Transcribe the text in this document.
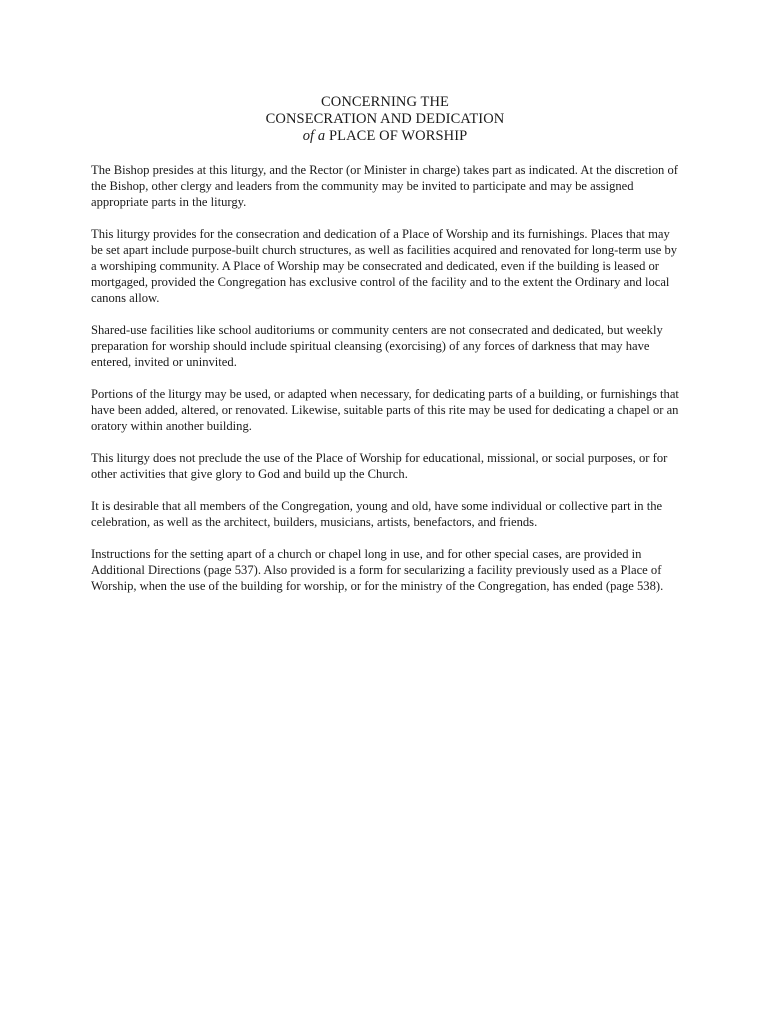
CONCERNING THE
CONSECRATION AND DEDICATION
of a PLACE OF WORSHIP

The Bishop presides at this liturgy, and the Rector (or Minister in charge) takes part as indicated. At the discretion of the Bishop, other clergy and leaders from the community may be invited to participate and may be assigned appropriate parts in the liturgy.

This liturgy provides for the consecration and dedication of a Place of Worship and its furnishings. Places that may be set apart include purpose-built church structures, as well as facilities acquired and renovated for long-term use by a worshiping community. A Place of Worship may be consecrated and dedicated, even if the building is leased or mortgaged, provided the Congregation has exclusive control of the facility and to the extent the Ordinary and local canons allow.

Shared-use facilities like school auditoriums or community centers are not consecrated and dedicated, but weekly preparation for worship should include spiritual cleansing (exorcising) of any forces of darkness that may have entered, invited or uninvited.

Portions of the liturgy may be used, or adapted when necessary, for dedicating parts of a building, or furnishings that have been added, altered, or renovated. Likewise, suitable parts of this rite may be used for dedicating a chapel or an oratory within another building.

This liturgy does not preclude the use of the Place of Worship for educational, missional, or social purposes, or for other activities that give glory to God and build up the Church.

It is desirable that all members of the Congregation, young and old, have some individual or collective part in the celebration, as well as the architect, builders, musicians, artists, benefactors, and friends.

Instructions for the setting apart of a church or chapel long in use, and for other special cases, are provided in Additional Directions (page 537). Also provided is a form for secularizing a facility previously used as a Place of Worship, when the use of the building for worship, or for the ministry of the Congregation, has ended (page 538).
